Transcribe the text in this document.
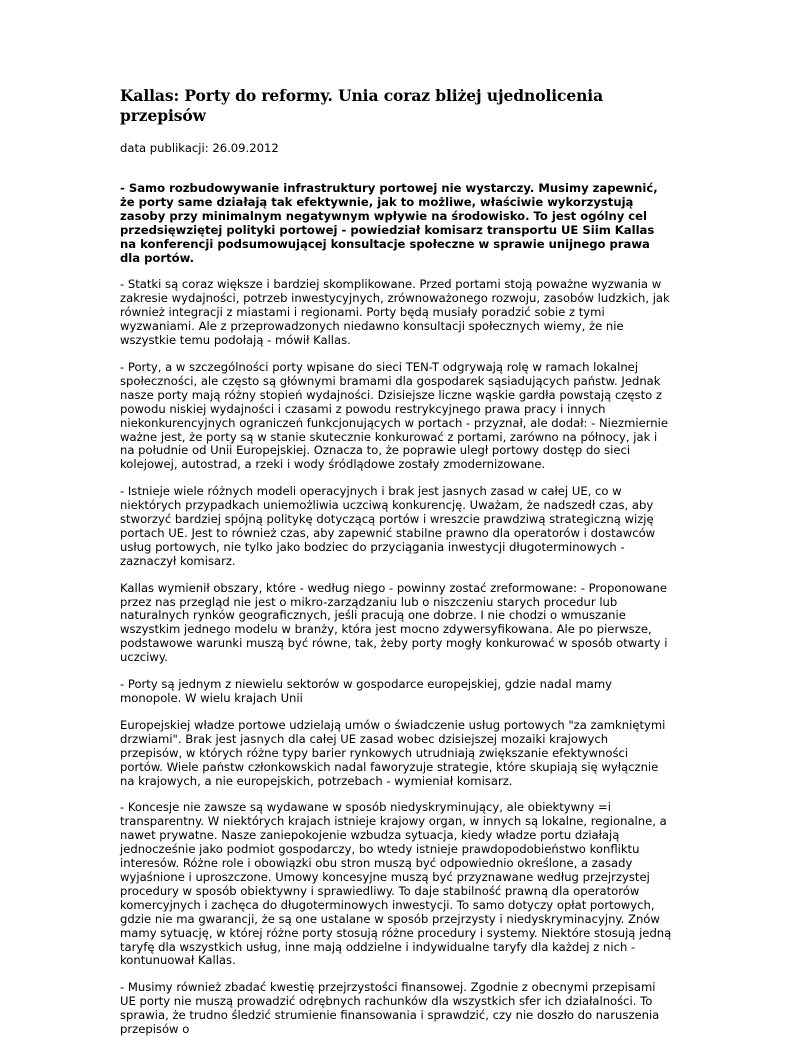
Kallas: Porty do reformy. Unia coraz bliżej ujednolicenia przepisów
data publikacji: 26.09.2012
- Samo rozbudowywanie infrastruktury portowej nie wystarczy. Musimy zapewnić, że porty same działają tak efektywnie, jak to możliwe, właściwie wykorzystują zasoby przy minimalnym negatywnym wpływie na środowisko. To jest ogólny cel przedsięwziętej polityki portowej - powiedział komisarz transportu UE Siim Kallas na konferencji podsumowującej konsultacje społeczne w sprawie unijnego prawa dla portów.
- Statki są coraz większe i bardziej skomplikowane. Przed portami stoją poważne wyzwania w zakresie wydajności, potrzeb inwestycyjnych, zrównoważonego rozwoju, zasobów ludzkich, jak również integracji z miastami i regionami. Porty będą musiały poradzić sobie z tymi wyzwaniami. Ale z przeprowadzonych niedawno konsultacji społecznych wiemy, że nie wszystkie temu podołają - mówił Kallas.
- Porty, a w szczególności porty wpisane do sieci TEN-T odgrywają rolę w ramach lokalnej społeczności, ale często są głównymi bramami dla gospodarek sąsiadujących państw. Jednak nasze porty mają różny stopień wydajności. Dzisiejsze liczne wąskie gardła powstają często z powodu niskiej wydajności i czasami z powodu restrykcyjnego prawa pracy i innych niekonkurencyjnych ograniczeń funkcjonujących w portach - przyznał, ale dodał: - Niezmiernie ważne jest, że porty są w stanie skutecznie konkurować z portami, zarówno na północy, jak i na południe od Unii Europejskiej. Oznacza to, że poprawie uległ portowy dostęp do sieci kolejowej, autostrad, a rzeki i wody śródlądowe zostały zmodernizowane.
- Istnieje wiele różnych modeli operacyjnych i brak jest jasnych zasad w całej UE, co w niektórych przypadkach uniemożliwia uczciwą konkurencję. Uważam, że nadszedł czas, aby stworzyć bardziej spójną politykę dotyczącą portów i wreszcie prawdziwą strategiczną wizję portach UE. Jest to również czas, aby zapewnić stabilne prawno dla operatorów i dostawców usług portowych, nie tylko jako bodziec do przyciągania inwestycji długoterminowych - zaznaczył komisarz.
Kallas wymienił obszary, które - według niego - powinny zostać zreformowane: - Proponowane przez nas przegląd nie jest o mikro-zarządzaniu lub o niszczeniu starych procedur lub naturalnych rynków geograficznych, jeśli pracują one dobrze. I nie chodzi o wmuszanie wszystkim jednego modelu w branży, która jest mocno zdywersyfikowana. Ale po pierwsze, podstawowe warunki muszą być równe, tak, żeby porty mogły konkurować w sposób otwarty i uczciwy.
- Porty są jednym z niewielu sektorów w gospodarce europejskiej, gdzie nadal mamy monopole. W wielu krajach Unii
Europejskiej władze portowe udzielają umów o świadczenie usług portowych "za zamkniętymi drzwiami". Brak jest jasnych dla całej UE zasad wobec dzisiejszej mozaiki krajowych przepisów, w których różne typy barier rynkowych utrudniają zwiększanie efektywności portów. Wiele państw członkowskich nadal faworyzuje strategie, które skupiają się wyłącznie na krajowych, a nie europejskich, potrzebach - wymieniał komisarz.
- Koncesje nie zawsze są wydawane w sposób niedyskryminujący, ale obiektywny =i transparentny. W niektórych krajach istnieje krajowy organ, w innych są lokalne, regionalne, a nawet prywatne. Nasze zaniepokojenie wzbudza sytuacja, kiedy władze portu działają jednocześnie jako podmiot gospodarczy, bo wtedy istnieje prawdopodobieństwo konfliktu interesów. Różne role i obowiązki obu stron muszą być odpowiednio określone, a zasady wyjaśnione i uproszczone. Umowy koncesyjne muszą być przyznawane według przejrzystej procedury w sposób obiektywny i sprawiedliwy. To daje stabilność prawną dla operatorów komercyjnych i zachęca do długoterminowych inwestycji. To samo dotyczy opłat portowych, gdzie nie ma gwarancji, że są one ustalane w sposób przejrzysty i niedyskryminacyjny. Znów mamy sytuację, w której różne porty stosują różne procedury i systemy. Niektóre stosują jedną taryfę dla wszystkich usług, inne mają oddzielne i indywidualne taryfy dla każdej z nich - kontunuował Kallas.
- Musimy również zbadać kwestię przejrzystości finansowej. Zgodnie z obecnymi przepisami UE porty nie muszą prowadzić odrębnych rachunków dla wszystkich sfer ich działalności. To sprawia, że trudno śledzić strumienie finansowania i sprawdzić, czy nie doszło do naruszenia przepisów o
